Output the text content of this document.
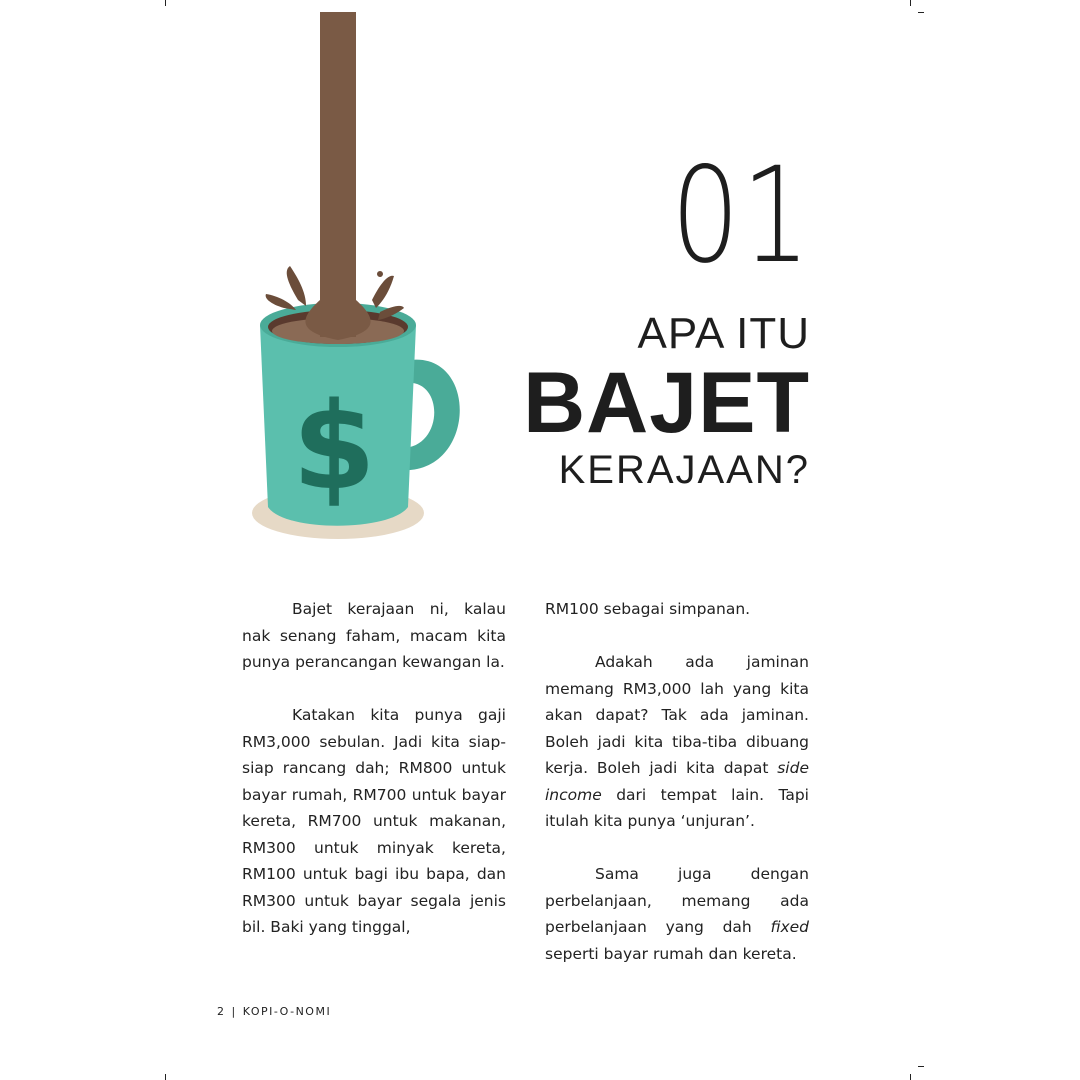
$
01
APA ITU
BAJET
KERAJAAN?

Bajet kerajaan ni, kalau nak senang faham, macam kita punya perancangan kewangan la.

Katakan kita punya gaji RM3,000 sebulan. Jadi kita siap-siap rancang dah; RM800 untuk bayar rumah, RM700 untuk bayar kereta, RM700 untuk makanan, RM300 untuk minyak kereta, RM100 untuk bagi ibu bapa, dan RM300 untuk bayar segala jenis bil. Baki yang tinggal,

RM100 sebagai simpanan.

Adakah ada jaminan memang RM3,000 lah yang kita akan dapat? Tak ada jaminan. Boleh jadi kita tiba-tiba dibuang kerja. Boleh jadi kita dapat side income dari tempat lain. Tapi itulah kita punya ‘unjuran’.

Sama juga dengan perbelanjaan, memang ada perbelanjaan yang dah fixed seperti bayar rumah dan kereta.

2 | KOPI-O-NOMI
